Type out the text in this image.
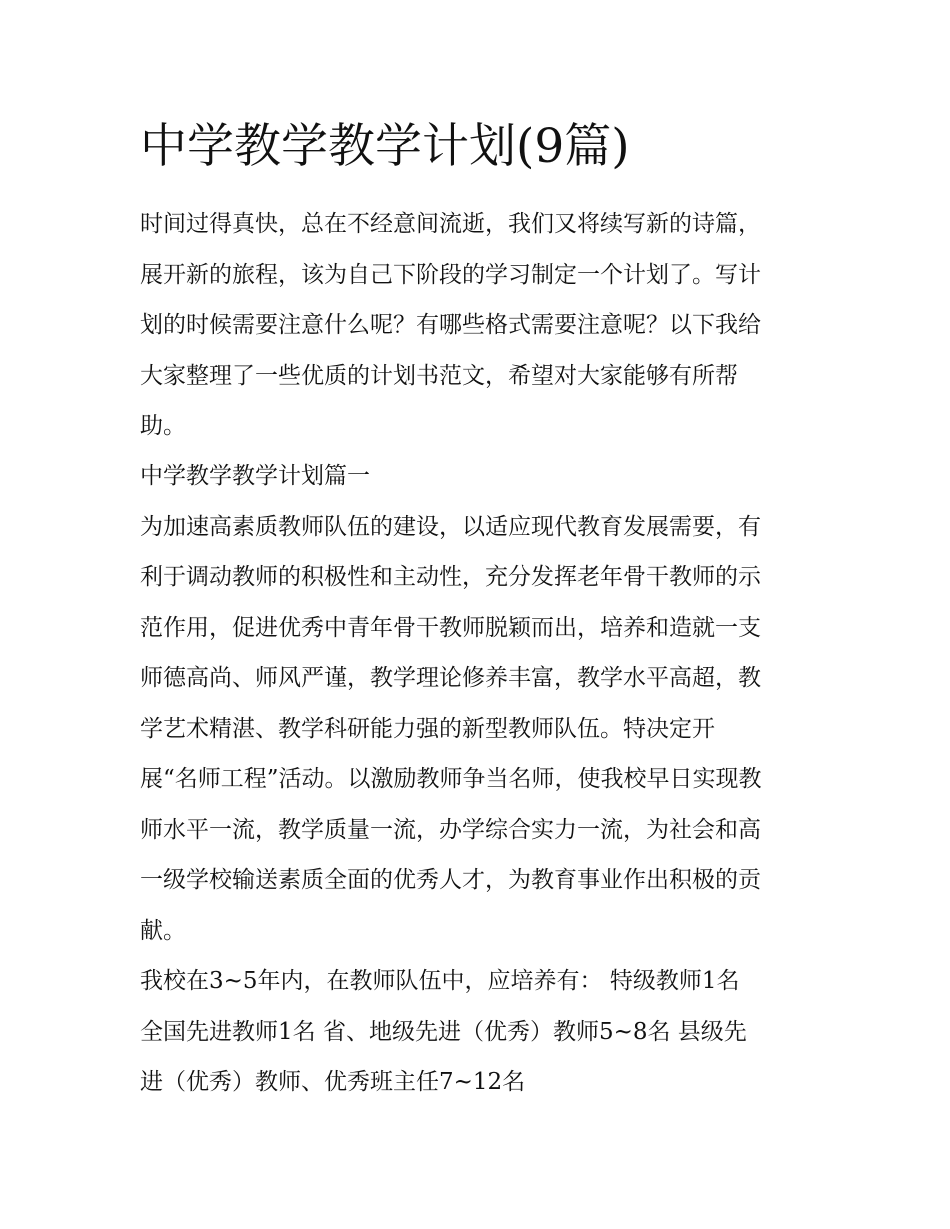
中学教学教学计划(9篇)
时间过得真快，总在不经意间流逝，我们又将续写新的诗篇，
展开新的旅程，该为自己下阶段的学习制定一个计划了。写计
划的时候需要注意什么呢？有哪些格式需要注意呢？以下我给
大家整理了一些优质的计划书范文，希望对大家能够有所帮
助。
中学教学教学计划篇一
为加速高素质教师队伍的建设，以适应现代教育发展需要，有
利于调动教师的积极性和主动性，充分发挥老年骨干教师的示
范作用，促进优秀中青年骨干教师脱颖而出，培养和造就一支
师德高尚、师风严谨，教学理论修养丰富，教学水平高超，教
学艺术精湛、教学科研能力强的新型教师队伍。特决定开
展“名师工程”活动。以激励教师争当名师，使我校早日实现教
师水平一流，教学质量一流，办学综合实力一流，为社会和高
一级学校输送素质全面的优秀人才，为教育事业作出积极的贡
献。
我校在3~5年内，在教师队伍中，应培养有： 特级教师1名
全国先进教师1名 省、地级先进（优秀）教师5~8名 县级先
进（优秀）教师、优秀班主任7~12名
